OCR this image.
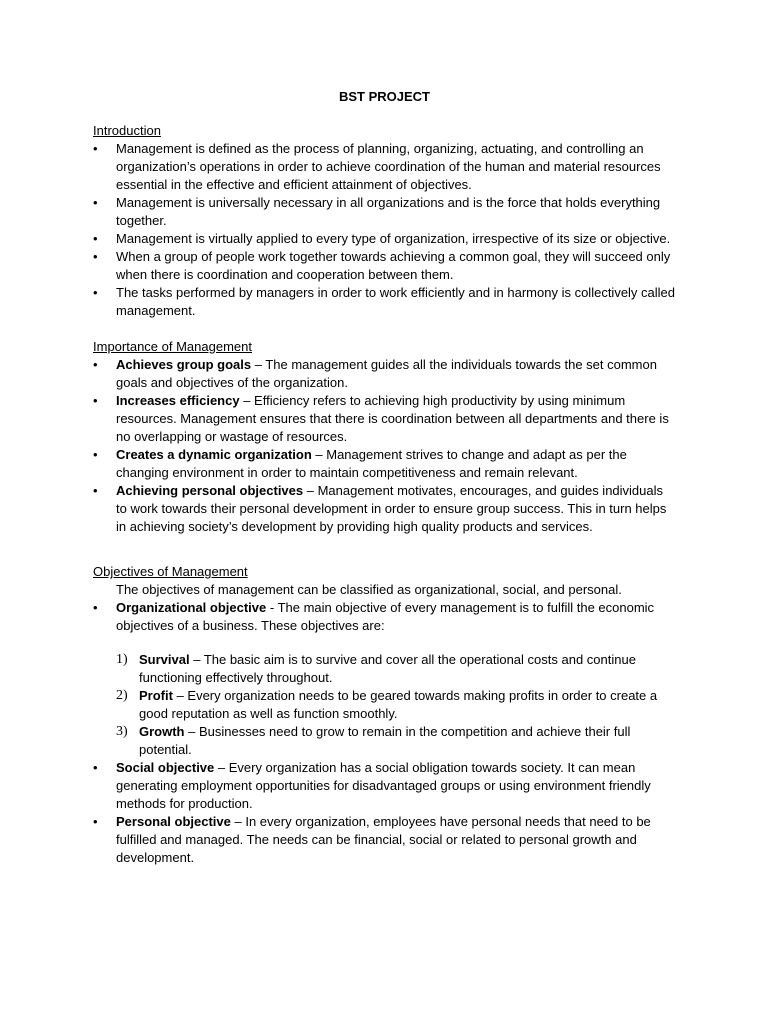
BST PROJECT
Introduction
•
Management is defined as the process of planning, organizing, actuating, and controlling an organization’s operations in order to achieve coordination of the human and material resources essential in the effective and efficient attainment of objectives.
•
Management is universally necessary in all organizations and is the force that holds everything together.
•
Management is virtually applied to every type of organization, irrespective of its size or objective.
•
When a group of people work together towards achieving a common goal, they will succeed only when there is coordination and cooperation between them.
•
The tasks performed by managers in order to work efficiently and in harmony is collectively called management.
Importance of Management
•
Achieves group goals – The management guides all the individuals towards the set common goals and objectives of the organization.
•
Increases efficiency – Efficiency refers to achieving high productivity by using minimum resources. Management ensures that there is coordination between all departments and there is no overlapping or wastage of resources.
•
Creates a dynamic organization – Management strives to change and adapt as per the changing environment in order to maintain competitiveness and remain relevant.
•
Achieving personal objectives – Management motivates, encourages, and guides individuals to work towards their personal development in order to ensure group success. This in turn helps in achieving society’s development by providing high quality products and services.
Objectives of Management
The objectives of management can be classified as organizational, social, and personal.
•
Organizational objective - The main objective of every management is to fulfill the economic objectives of a business. These objectives are:
1) Survival – The basic aim is to survive and cover all the operational costs and continue functioning effectively throughout.
2) Profit – Every organization needs to be geared towards making profits in order to create a good reputation as well as function smoothly.
3) Growth – Businesses need to grow to remain in the competition and achieve their full potential.
•
Social objective – Every organization has a social obligation towards society. It can mean generating employment opportunities for disadvantaged groups or using environment friendly methods for production.
•
Personal objective – In every organization, employees have personal needs that need to be fulfilled and managed. The needs can be financial, social or related to personal growth and development.
